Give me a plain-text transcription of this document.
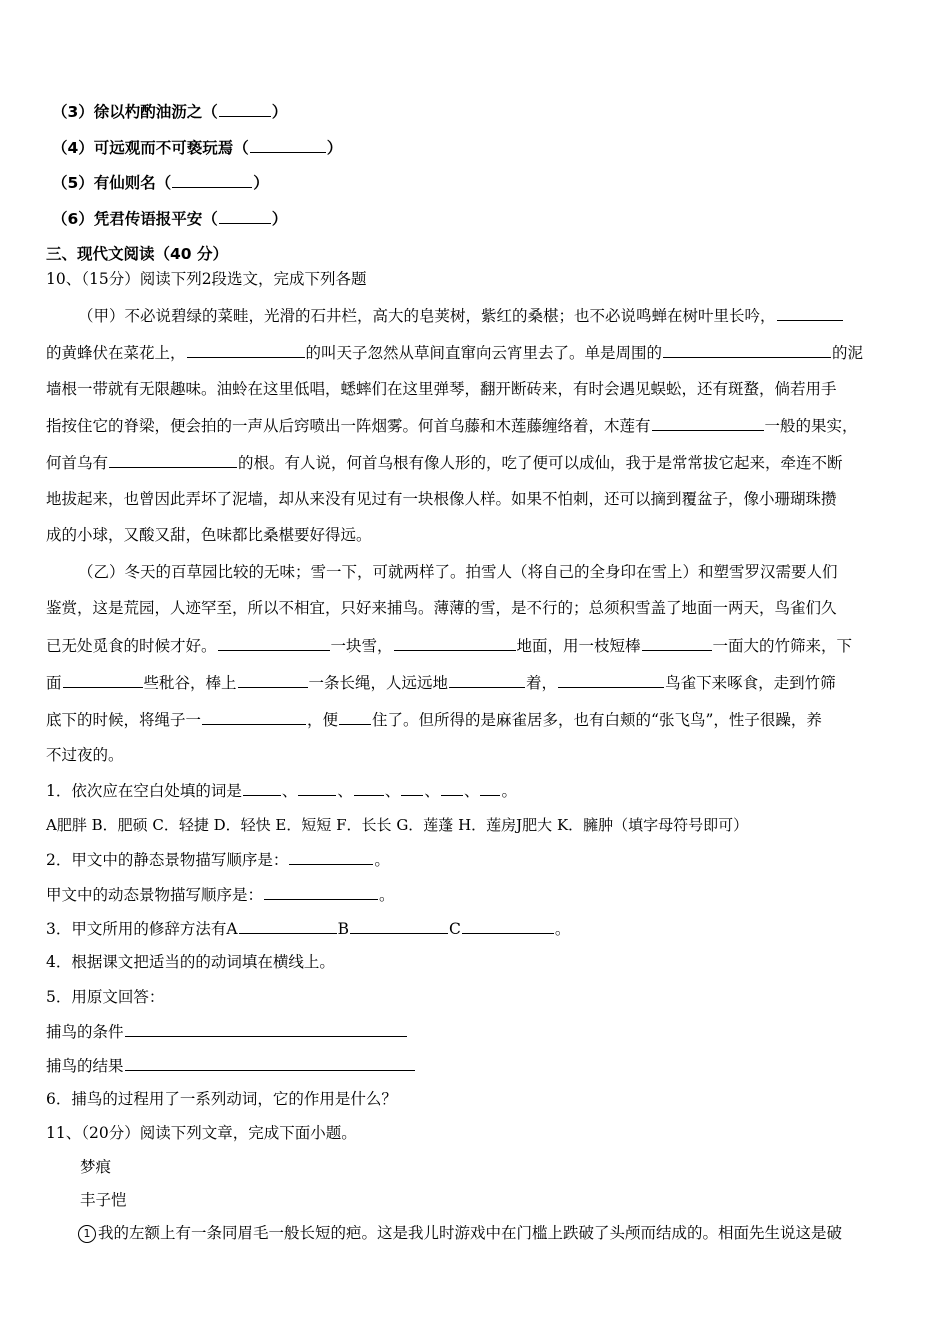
（3）徐以杓酌油沥之（	）
（4）可远观而不可亵玩焉（	）
（5）有仙则名（	）
（6）凭君传语报平安（	）
三、现代文阅读（40 分）
10、（15分）阅读下列2段选文，完成下列各题
（甲）不必说碧绿的菜畦，光滑的石井栏，高大的皂荚树，紫红的桑椹；也不必说鸣蝉在树叶里长吟，
的黄蜂伏在菜花上，	的叫天子忽然从草间直窜向云宵里去了。单是周围的	的泥
墙根一带就有无限趣味。油蛉在这里低唱，蟋蟀们在这里弹琴，翻开断砖来，有时会遇见蜈蚣，还有斑蝥，倘若用手
指按住它的脊梁，便会拍的一声从后窍喷出一阵烟雾。何首乌藤和木莲藤缠络着，木莲有	一般的果实，
何首乌有	的根。有人说，何首乌根有像人形的，吃了便可以成仙，我于是常常拔它起来，牵连不断
地拔起来，也曾因此弄坏了泥墙，却从来没有见过有一块根像人样。如果不怕刺，还可以摘到覆盆子，像小珊瑚珠攒
成的小球，又酸又甜，色味都比桑椹要好得远。
（乙）冬天的百草园比较的无味；雪一下，可就两样了。拍雪人（将自己的全身印在雪上）和塑雪罗汉需要人们
鉴赏，这是荒园，人迹罕至，所以不相宜，只好来捕鸟。薄薄的雪，是不行的；总须积雪盖了地面一两天，鸟雀们久
已无处觅食的时候才好。	一块雪，	地面，用一枝短棒	一面大的竹筛来，下
面	些秕谷，棒上	一条长绳，人远远地	着，	鸟雀下来啄食，走到竹筛
底下的时候，将绳子一	，便 住了。但所得的是麻雀居多，也有白颊的“张飞鸟”，性子很躁，养
不过夜的。
1．依次应在空白处填的词是	、	、 、 、 、 。
A肥胖 B．肥硕 C．轻捷 D．轻快 E．短短 F．长长 G．莲蓬 H．莲房J肥大 K．臃肿（填字母符号即可）
2．甲文中的静态景物描写顺序是：	。
甲文中的动态景物描写顺序是：	。
3．甲文所用的修辞方法有A	B	C	。
4．根据课文把适当的的动词填在横线上。
5．用原文回答：
捕鸟的条件
捕鸟的结果
6．捕鸟的过程用了一系列动词，它的作用是什么？
11、（20分）阅读下列文章，完成下面小题。
梦痕
丰子恺
1 我的左额上有一条同眉毛一般长短的疤。这是我儿时游戏中在门槛上跌破了头颅而结成的。相面先生说这是破
